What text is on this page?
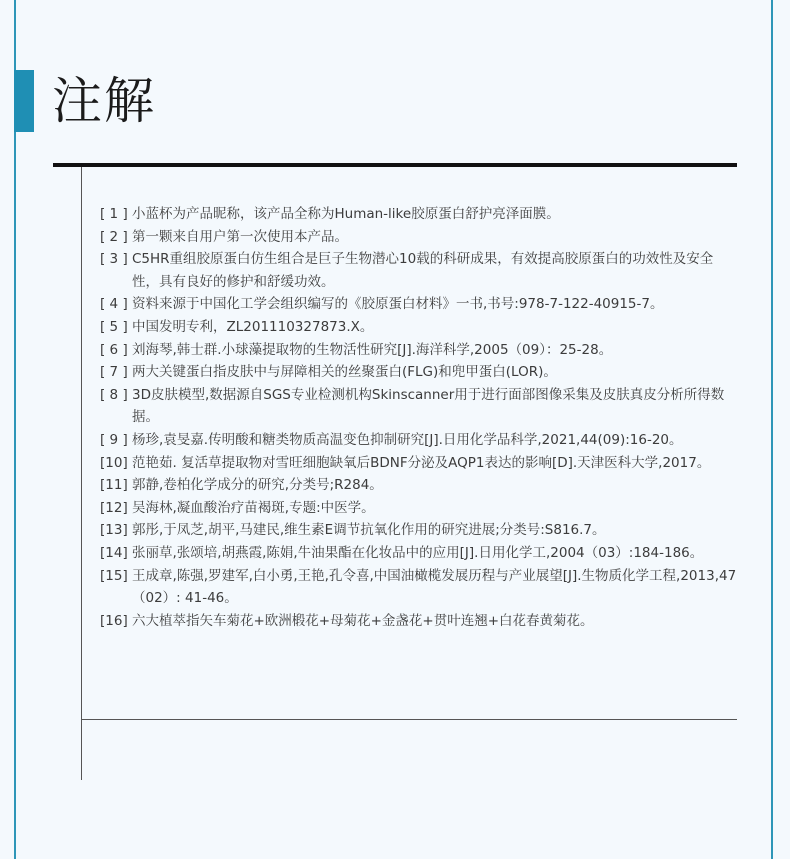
注解
[ 1 ] 小蓝杯为产品昵称，该产品全称为Human-like胶原蛋白舒护亮泽面膜。
[ 2 ] 第一颗来自用户第一次使用本产品。
[ 3 ] C5HR重组胶原蛋白仿生组合是巨子生物潜心10载的科研成果，有效提高胶原蛋白的功效性及安全性，具有良好的修护和舒缓功效。
[ 4 ] 资料来源于中国化工学会组织编写的《胶原蛋白材料》一书,书号:978-7-122-40915-7。
[ 5 ] 中国发明专利，ZL201110327873.X。
[ 6 ] 刘海琴,韩士群.小球藻提取物的生物活性研究[J].海洋科学,2005（09）：25-28。
[ 7 ] 两大关键蛋白指皮肤中与屏障相关的丝聚蛋白(FLG)和兜甲蛋白(LOR)。
[ 8 ] 3D皮肤模型,数据源自SGS专业检测机构Skinscanner用于进行面部图像采集及皮肤真皮分析所得数据。
[ 9 ] 杨珍,袁旻嘉.传明酸和糖类物质高温变色抑制研究[J].日用化学品科学,2021,44(09):16-20。
[10] 范艳茹. 复活草提取物对雪旺细胞缺氧后BDNF分泌及AQP1表达的影响[D].天津医科大学,2017。
[11] 郭静,卷柏化学成分的研究,分类号;R284。
[12] 吴海林,凝血酸治疗苗褐斑,专题:中医学。
[13] 郭彤,于凤芝,胡平,马建民,维生素E调节抗氧化作用的研究进展;分类号:S816.7。
[14] 张丽草,张颂培,胡燕霞,陈娟,牛油果酯在化妆品中的应用[J].日用化学工,2004（03）:184-186。
[15] 王成章,陈强,罗建军,白小勇,王艳,孔令喜,中国油橄榄发展历程与产业展望[J].生物质化学工程,2013,47（02）: 41-46。
[16] 六大植萃指矢车菊花+欧洲椴花+母菊花+金盏花+贯叶连翘+白花春黄菊花。
